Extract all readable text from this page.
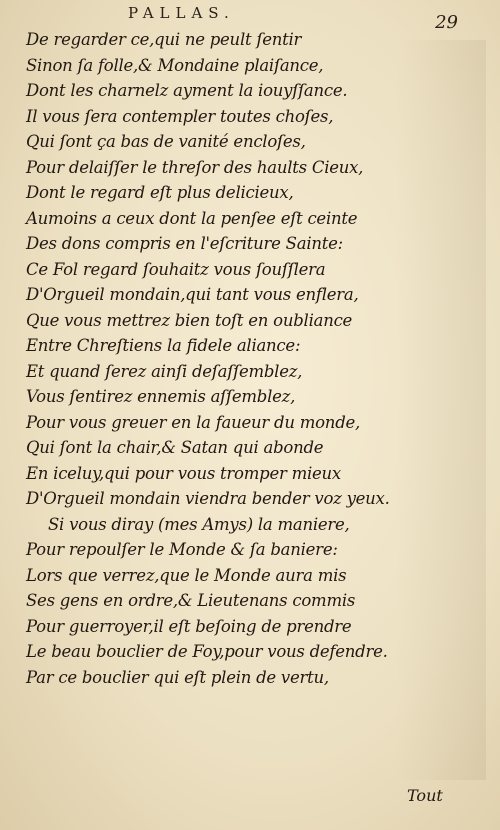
PALLAS.	29
De regarder ce,qui ne peult ſentir
Sinon ſa folle,& Mondaine plaiſance,
Dont les charnelz ayment la iouyſſance.
Il vous ſera contempler toutes choſes,
Qui ſont ça bas de vanité encloſes,
Pour delaiſſer le threſor des haults Cieux,
Dont le regard eſt plus delicieux,
Aumoins a ceux dont la penſee eſt ceinte
Des dons compris en l'eſcriture Sainte:
Ce Fol regard ſouhaitz vous ſouſſlera
D'Orgueil mondain,qui tant vous enflera,
Que vous mettrez bien toſt en oubliance
Entre Chreſtiens la fidele aliance:
Et quand ſerez ainſi deſaſſemblez,
Vous ſentirez ennemis aſſemblez,
Pour vous greuer en la faueur du monde,
Qui ſont la chair,& Satan qui abonde
En iceluy,qui pour vous tromper mieux
D'Orgueil mondain viendra bender voz yeux.
Si vous diray (mes Amys) la maniere,
Pour repoulſer le Monde & ſa baniere:
Lors que verrez,que le Monde aura mis
Ses gens en ordre,& Lieutenans commis
Pour guerroyer,il eſt beſoing de prendre
Le beau bouclier de Foy,pour vous defendre.
Par ce bouclier qui eſt plein de vertu,
Tout
